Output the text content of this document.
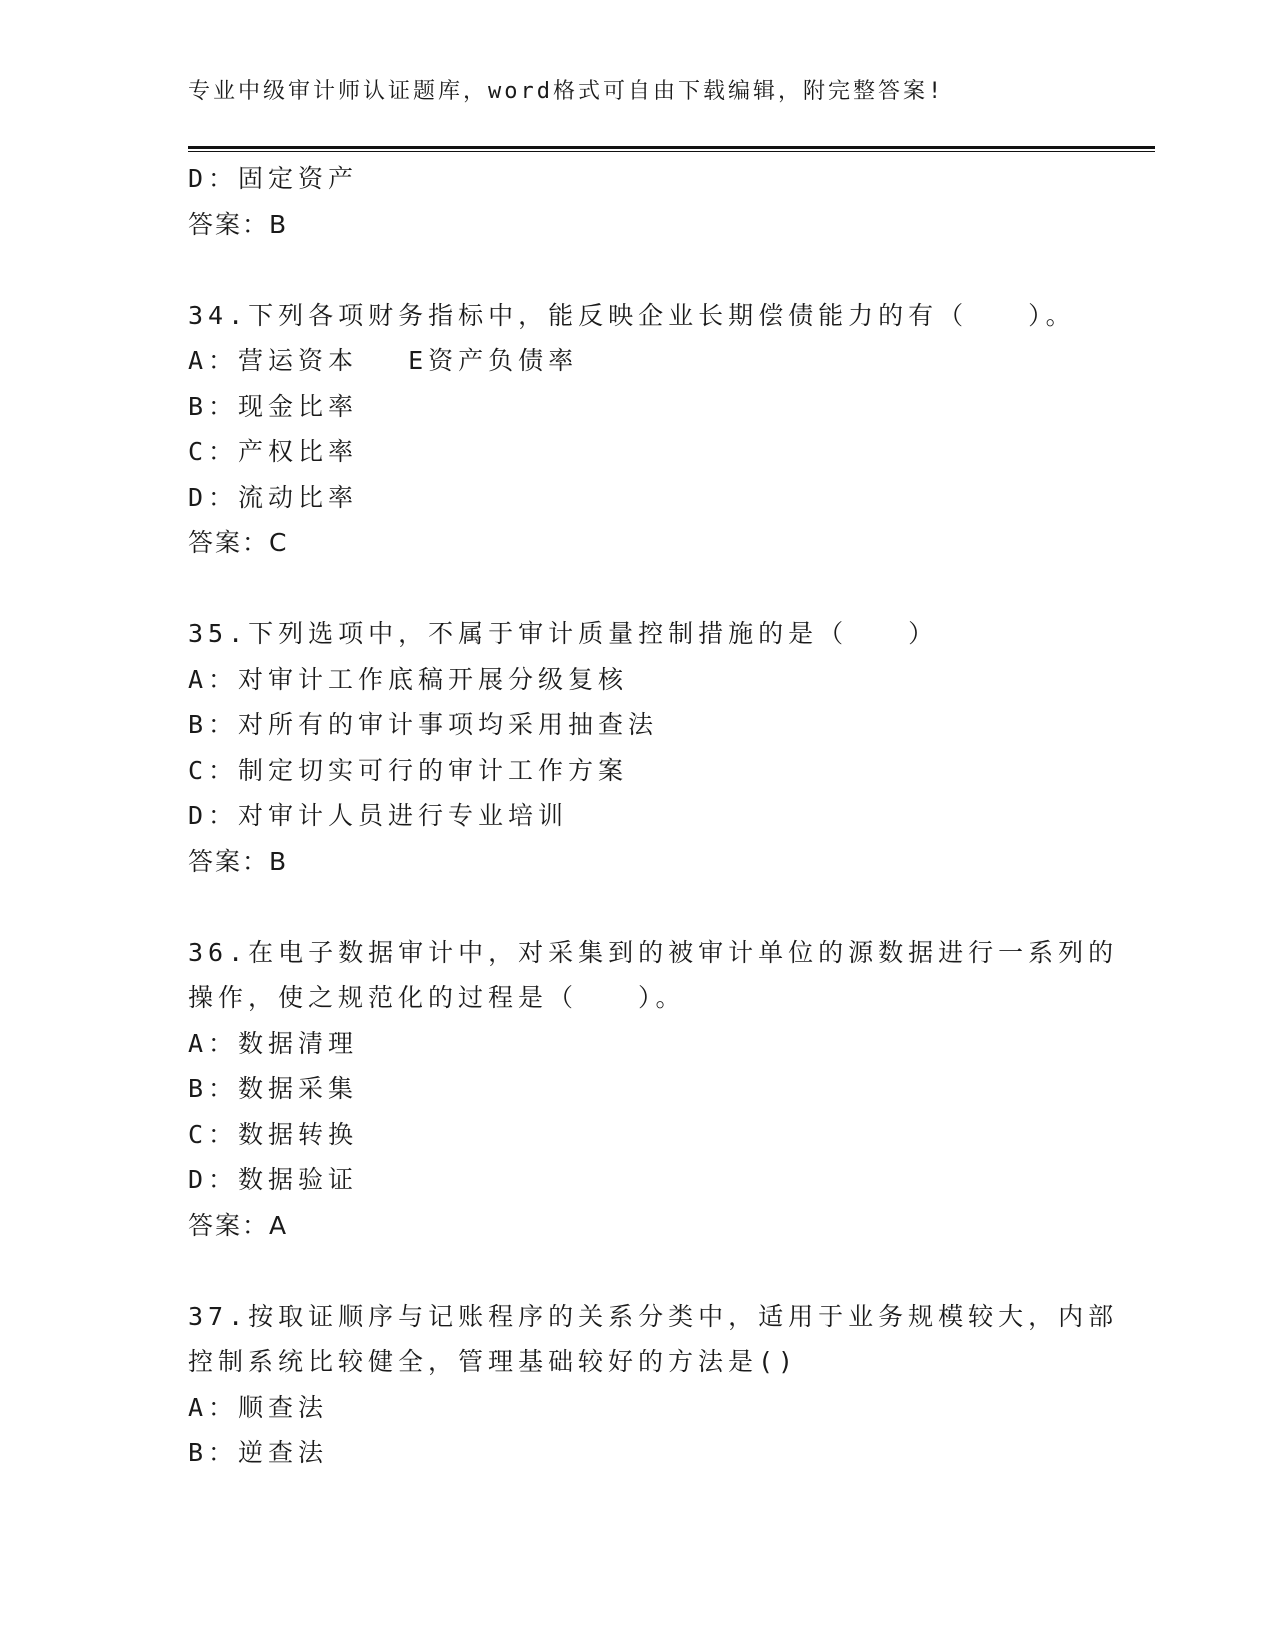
专业中级审计师认证题库，word格式可自由下载编辑，附完整答案!
D：固定资产
答案：B
34.下列各项财务指标中，能反映企业长期偿债能力的有（　　）。
A：营运资本 E资产负债率
B：现金比率
C：产权比率
D：流动比率
答案：C
35.下列选项中，不属于审计质量控制措施的是（　　）
A：对审计工作底稿开展分级复核
B：对所有的审计事项均采用抽查法
C：制定切实可行的审计工作方案
D：对审计人员进行专业培训
答案：B
36.在电子数据审计中，对采集到的被审计单位的源数据进行一系列的
操作，使之规范化的过程是（　　）。
A：数据清理
B：数据采集
C：数据转换
D：数据验证
答案：A
37.按取证顺序与记账程序的关系分类中，适用于业务规模较大，内部
控制系统比较健全，管理基础较好的方法是()
A：顺查法
B：逆查法
